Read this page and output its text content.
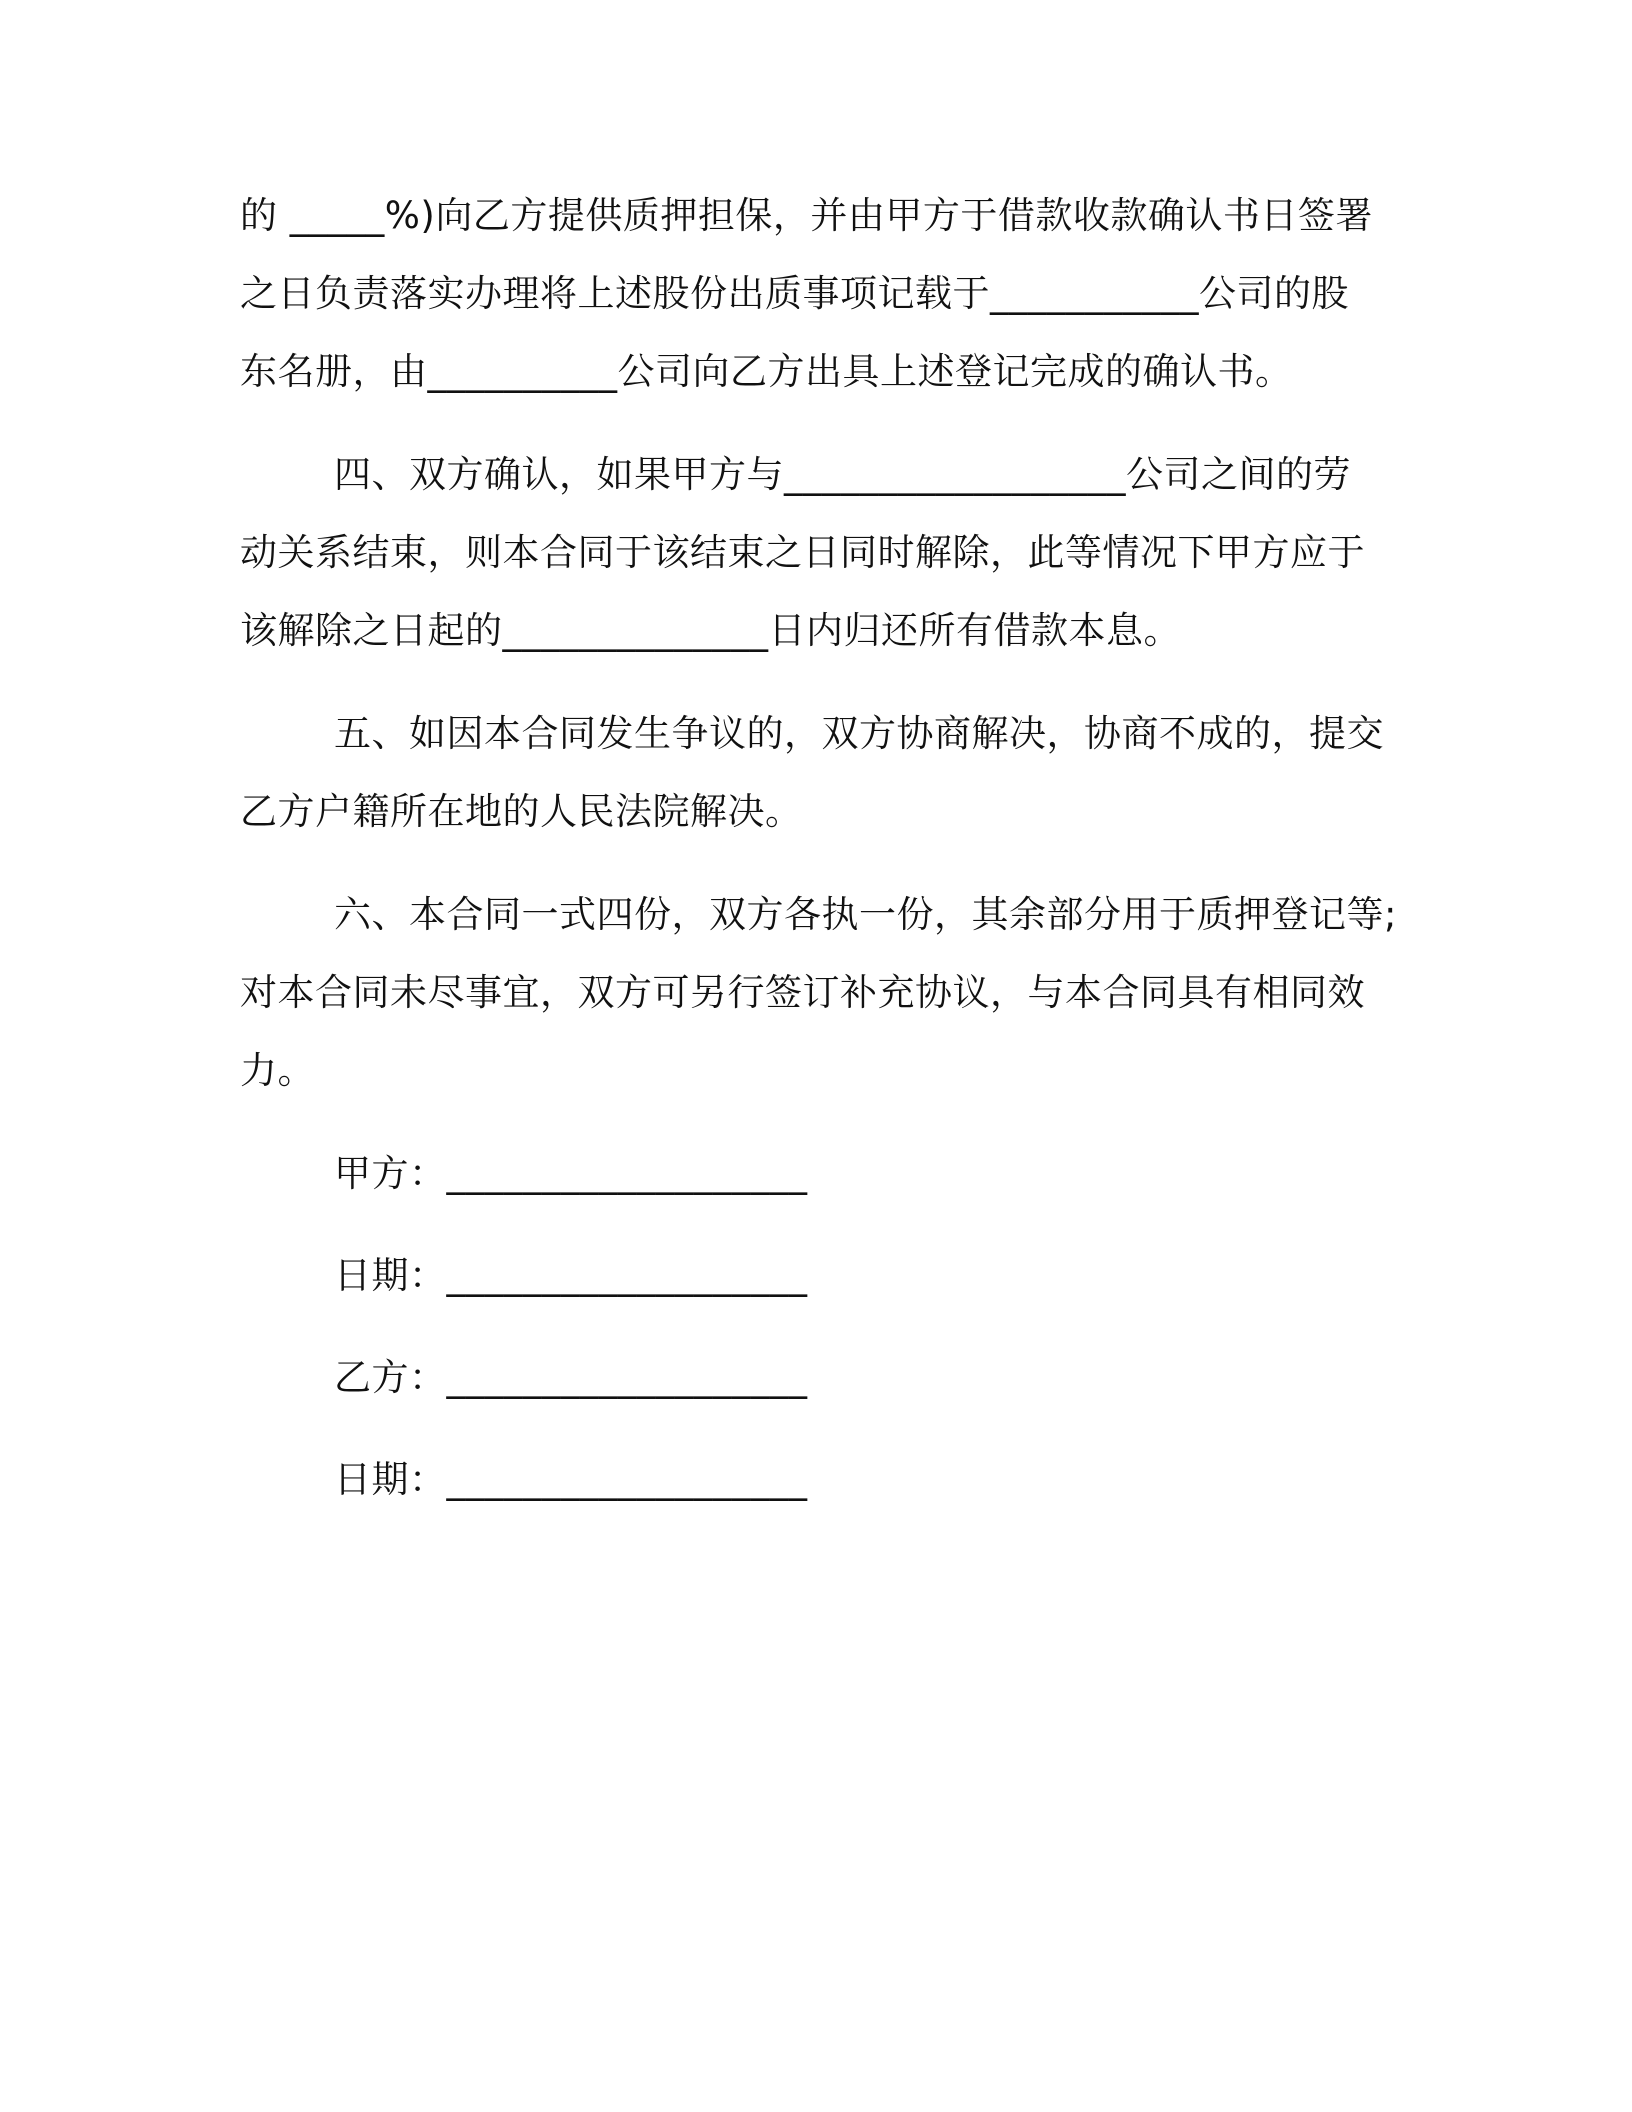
的 _____%)向乙方提供质押担保，并由甲方于借款收款确认书日签署
之日负责落实办理将上述股份出质事项记载于___________公司的股
东名册，由__________公司向乙方出具上述登记完成的确认书。
四、双方确认，如果甲方与__________________公司之间的劳
动关系结束，则本合同于该结束之日同时解除，此等情况下甲方应于
该解除之日起的______________日内归还所有借款本息。
五、如因本合同发生争议的，双方协商解决，协商不成的，提交
乙方户籍所在地的人民法院解决。
六、本合同一式四份，双方各执一份，其余部分用于质押登记等;
对本合同未尽事宜，双方可另行签订补充协议，与本合同具有相同效
力。
甲方：___________________
日期：___________________
乙方：___________________
日期：___________________
